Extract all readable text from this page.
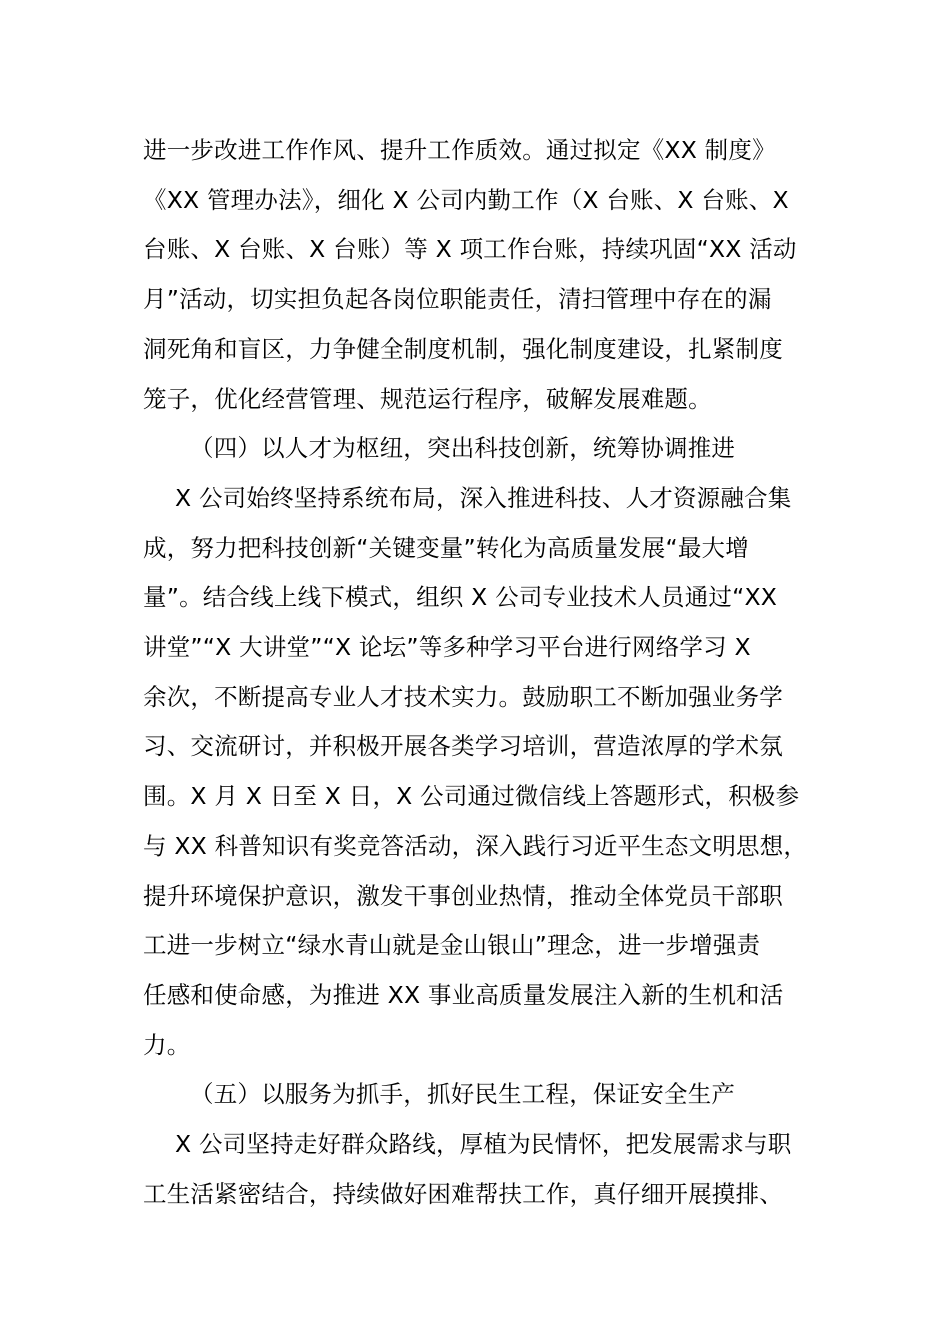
进一步改进工作作风、提升工作质效。通过拟定《XX 制度》
《XX 管理办法》，细化 X 公司内勤工作（X 台账、X 台账、X
台账、X 台账、X 台账）等 X 项工作台账，持续巩固“XX 活动
月”活动，切实担负起各岗位职能责任，清扫管理中存在的漏
洞死角和盲区，力争健全制度机制，强化制度建设，扎紧制度
笼子，优化经营管理、规范运行程序，破解发展难题。
（四）以人才为枢纽，突出科技创新，统筹协调推进
X 公司始终坚持系统布局，深入推进科技、人才资源融合集
成，努力把科技创新“关键变量”转化为高质量发展“最大增
量”。结合线上线下模式，组织 X 公司专业技术人员通过“XX
讲堂”“X 大讲堂”“X 论坛”等多种学习平台进行网络学习 X
余次，不断提高专业人才技术实力。鼓励职工不断加强业务学
习、交流研讨，并积极开展各类学习培训，营造浓厚的学术氛
围。X 月 X 日至 X 日，X 公司通过微信线上答题形式，积极参
与 XX 科普知识有奖竞答活动，深入践行习近平生态文明思想，
提升环境保护意识，激发干事创业热情，推动全体党员干部职
工进一步树立“绿水青山就是金山银山”理念，进一步增强责
任感和使命感，为推进 XX 事业高质量发展注入新的生机和活
力。
（五）以服务为抓手，抓好民生工程，保证安全生产
X 公司坚持走好群众路线，厚植为民情怀，把发展需求与职
工生活紧密结合，持续做好困难帮扶工作，真仔细开展摸排、
